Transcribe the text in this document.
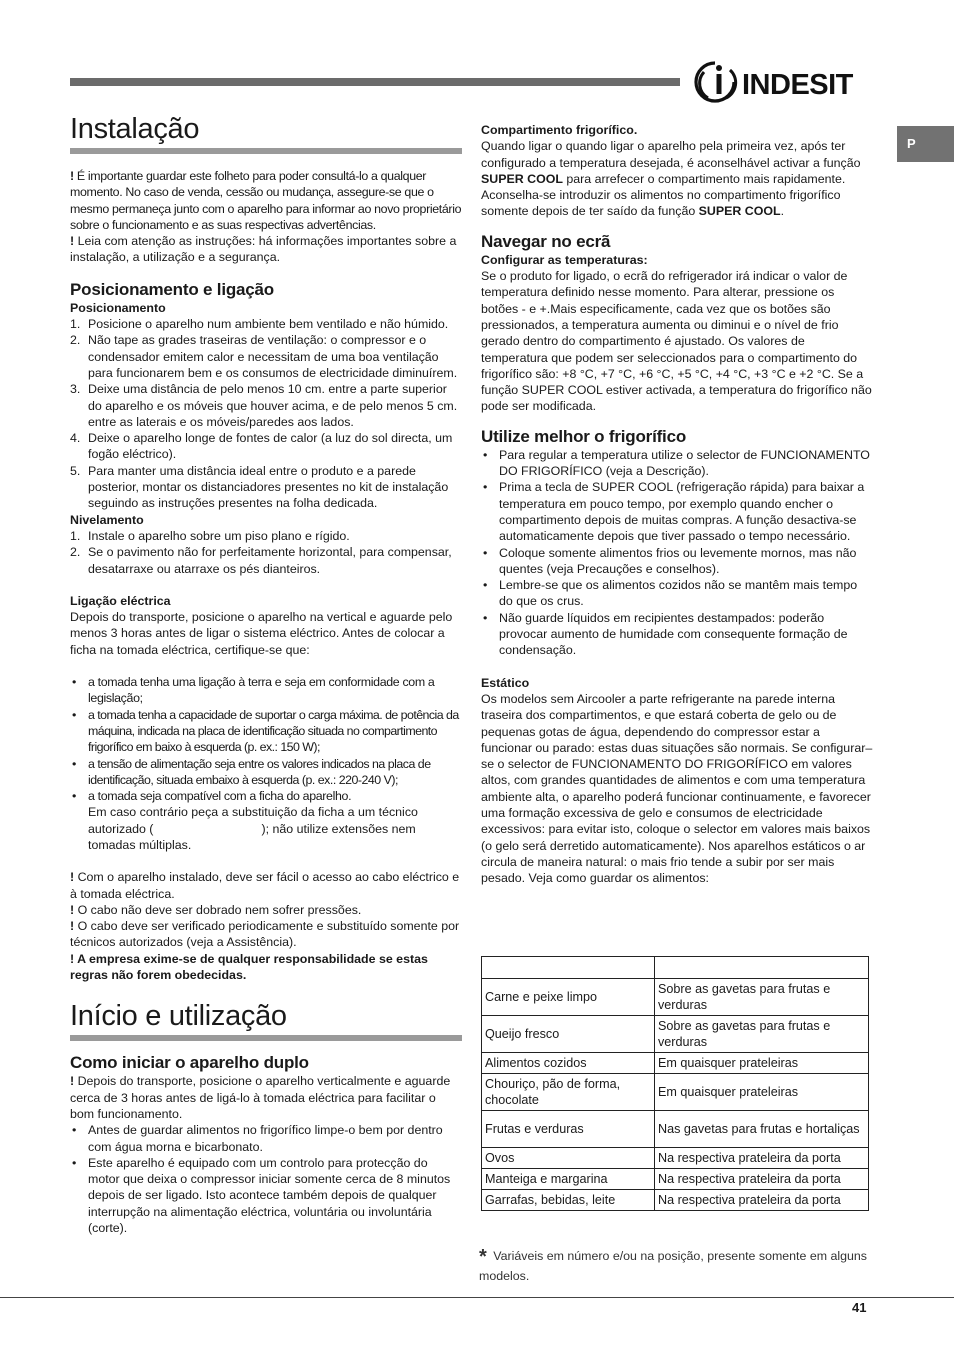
INDESIT
P
Instalação

! É importante guardar este folheto para poder consultá-lo a qualquer momento. No caso de venda, cessão ou mudança, assegure-se que o mesmo permaneça junto com o aparelho para informar ao novo proprietário sobre o funcionamento e as suas respectivas advertências.

! Leia com atenção as instruções: há informações importantes sobre a instalação, a utilização e a segurança.

Posicionamento e ligação
Posicionamento
1. Posicione o aparelho num ambiente bem ventilado e não húmido.
2. Não tape as grades traseiras de ventilação: o compressor e o condensador emitem calor e necessitam de uma boa ventilação para funcionarem bem e os consumos de electricidade diminuírem.
3. Deixe uma distância de pelo menos 10 cm. entre a parte superior do aparelho e os móveis que houver acima, e de pelo menos 5 cm. entre as laterais e os móveis/paredes aos lados.
4. Deixe o aparelho longe de fontes de calor (a luz do sol directa, um fogão eléctrico).
5. Para manter uma distância ideal entre o produto e a parede posterior, montar os distanciadores presentes no kit de instalação seguindo as instruções presentes na folha dedicada.
Nivelamento
1. Instale o aparelho sobre um piso plano e rígido.
2. Se o pavimento não for perfeitamente horizontal, para compensar, desatarraxe ou atarraxe os pés dianteiros.
Ligação eléctrica

Depois do transporte, posicione o aparelho na vertical e aguarde pelo menos 3 horas antes de ligar o sistema eléctrico. Antes de colocar a ficha na tomada eléctrica, certifique-se que:

• a tomada tenha uma ligação à terra e seja em conformidade com a legislação;
• a tomada tenha a capacidade de suportar o carga máxima. de potência da máquina, indicada na placa de identificação situada no compartimento frigorífico em baixo à esquerda (p. ex.: 150 W);
• a tensão de alimentação seja entre os valores indicados na placa de identificação, situada embaixo à esquerda (p. ex.: 220-240 V);
• a tomada seja compatível com a ficha do aparelho.

Em caso contrário peça a substituição da ficha a um técnico autorizado (	); não utilize extensões nem tomadas múltiplas.

! Com o aparelho instalado, deve ser fácil o acesso ao cabo eléctrico e à tomada eléctrica.

! O cabo não deve ser dobrado nem sofrer pressões.

! O cabo deve ser verificado periodicamente e substituído somente por técnicos autorizados (veja a Assistência).

! A empresa exime-se de qualquer responsabilidade se estas regras não forem obedecidas.

Início e utilização
Como iniciar o aparelho duplo

! Depois do transporte, posicione o aparelho verticalmente e aguarde cerca de 3 horas antes de ligá-lo à tomada eléctrica para facilitar o bom funcionamento.

• Antes de guardar alimentos no frigorífico limpe-o bem por dentro com água morna e bicarbonato.
• Este aparelho é equipado com um controlo para protecção do motor que deixa o compressor iniciar somente cerca de 8 minutos depois de ser ligado. Isto acontece também depois de qualquer interrupção na alimentação eléctrica, voluntária ou involuntária (corte).
Compartimento frigorífico.

Quando ligar o quando ligar o aparelho pela primeira vez, após ter configurado a temperatura desejada, é aconselhável activar a função SUPER COOL para arrefecer o compartimento mais rapidamente. Aconselha-se introduzir os alimentos no compartimento frigorífico somente depois de ter saído da função SUPER COOL.

Navegar no ecrã
Configurar as temperaturas:

Se o produto for ligado, o ecrã do refrigerador irá indicar o valor de temperatura definido nesse momento. Para alterar, pressione os botões - e +.Mais especificamente, cada vez que os botões são pressionados, a temperatura aumenta ou diminui e o nível de frio gerado dentro do compartimento é ajustado. Os valores de temperatura que podem ser seleccionados para o compartimento do frigorífico são: +8 °C, +7 °C, +6 °C, +5 °C, +4 °C, +3 °C e +2 °C. Se a função SUPER COOL estiver activada, a temperatura do frigorífico não pode ser modificada.

Utilize melhor o frigorífico
• Para regular a temperatura utilize o selector de FUNCIONAMENTO DO FRIGORÍFICO (veja a Descrição).
• Prima a tecla de SUPER COOL (refrigeração rápida) para baixar a temperatura em pouco tempo, por exemplo quando encher o compartimento depois de muitas compras. A função desactiva-se automaticamente depois que tiver passado o tempo necessário.
• Coloque somente alimentos frios ou levemente mornos, mas não quentes (veja Precauções e conselhos).
• Lembre-se que os alimentos cozidos não se mantêm mais tempo do que os crus.
• Não guarde líquidos em recipientes destampados: poderão provocar aumento de humidade com consequente formação de condensação.
Estático

Os modelos sem Aircooler a parte refrigerante na parede interna traseira dos compartimentos, e que estará coberta de gelo ou de pequenas gotas de água, dependendo do compressor estar a funcionar ou parado: estas duas situações são normais. Se configurar–se o selector de FUNCIONAMENTO DO FRIGORÍFICO em valores altos, com grandes quantidades de alimentos e com uma temperatura ambiente alta, o aparelho poderá funcionar continuamente, e favorecer uma formação excessiva de gelo e consumos de electricidade excessivos: para evitar isto, coloque o selector em valores mais baixos (o gelo será derretido automaticamente). Nos aparelhos estáticos o ar circula de maneira natural: o mais frio tende a subir por ser mais pesado. Veja como guardar os alimentos:

Carne e peixe limpo	Sobre as gavetas para frutas e verduras
Queijo fresco	Sobre as gavetas para frutas e verduras
Alimentos cozidos	Em quaisquer prateleiras
Chouriço, pão de forma, chocolate	Em quaisquer prateleiras
Frutas e verduras	Nas gavetas para frutas e hortaliças
Ovos	Na respectiva prateleira da porta
Manteiga e margarina	Na respectiva prateleira da porta
Garrafas, bebidas, leite	Na respectiva prateleira da porta

* Variáveis em número e/ou na posição, presente somente em alguns modelos.

41
